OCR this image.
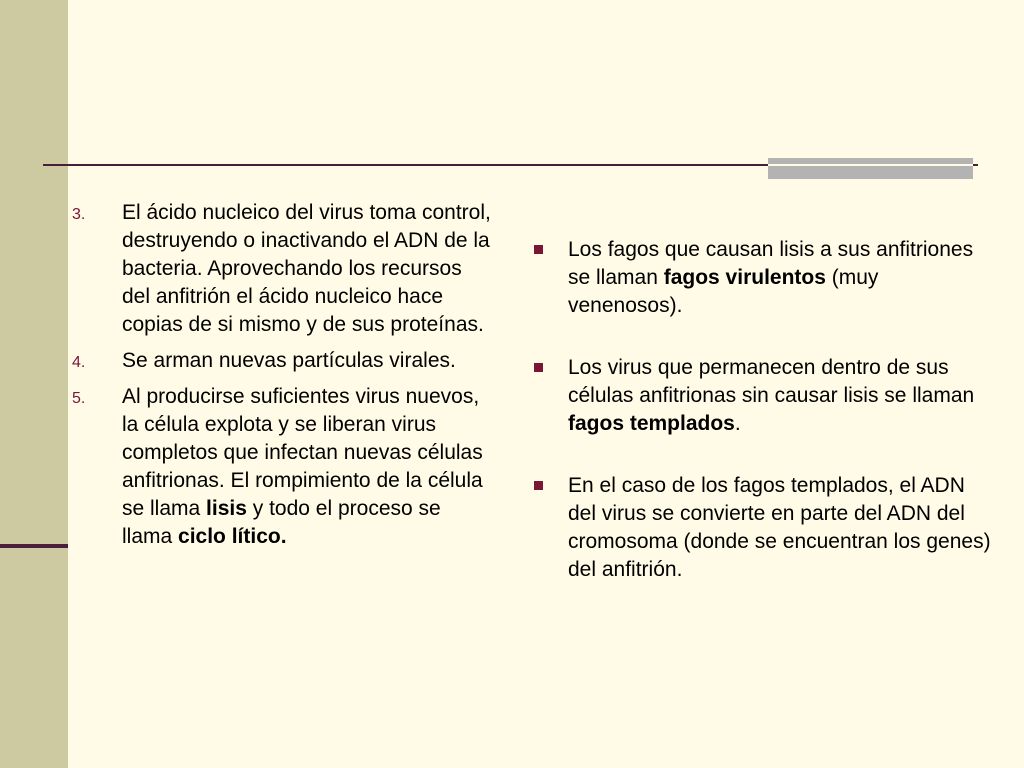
3. El ácido nucleico del virus toma control, destruyendo o inactivando el ADN de la bacteria. Aprovechando los recursos del anfitrión el ácido nucleico hace copias de si mismo y de sus proteínas.
4. Se arman nuevas partículas virales.
5. Al producirse suficientes virus nuevos, la célula explota y se liberan virus completos que infectan nuevas células anfitrionas. El rompimiento de la célula se llama lisis y todo el proceso se llama ciclo lítico.
Los fagos que causan lisis a sus anfitriones se llaman fagos virulentos (muy venenosos).
Los virus que permanecen dentro de sus células anfitrionas sin causar lisis se llaman fagos templados.
En el caso de los fagos templados, el ADN del virus se convierte en parte del ADN del cromosoma (donde se encuentran los genes) del anfitrión.
